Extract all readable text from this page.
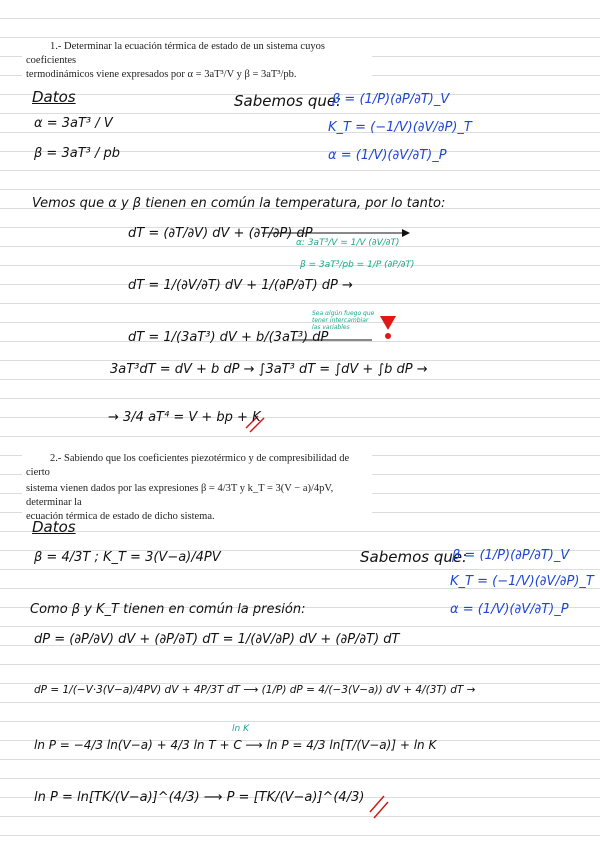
1.- Determinar la ecuación térmica de estado de un sistema cuyos coeficientes
termodinámicos viene expresados por α = 3aT³/V y β = 3aT³/pb.
Datos
α = 3aT³ / V
β = 3aT³ / pb
Sabemos que:
β = (1/P)(∂P/∂T)_V
K_T = (−1/V)(∂V/∂P)_T
α = (1/V)(∂V/∂T)_P
Vemos que α y β tienen en común la temperatura, por lo tanto:
dT = (∂T/∂V) dV + (∂T/∂P) dP
α: 3aT³/V = 1/V (∂V/∂T)
β = 3aT³/pb = 1/P (∂P/∂T)
dT = 1/(∂V/∂T) dV + 1/(∂P/∂T) dP →
Sea αlgún fuego que tener intercambiar las variables
dT = 1/(3aT³) dV + b/(3aT³) dP
3aT³dT = dV + b dP → ∫3aT³ dT = ∫dV + ∫b dP →
→ 3/4 aT⁴ = V + bp + K
2.- Sabiendo que los coeficientes piezotérmico y de compresibilidad de cierto
sistema vienen dados por las expresiones β = 4/3T y k_T = 3(V − a)/4pV, determinar la
ecuación térmica de estado de dicho sistema.
Datos
β = 4/3T ; K_T = 3(V−a)/4PV	Sabemos que:
β = (1/P)(∂P/∂T)_V
K_T = (−1/V)(∂V/∂P)_T
α = (1/V)(∂V/∂T)_P
Como β y K_T tienen en común la presión:
dP = (∂P/∂V) dV + (∂P/∂T) dT = 1/(∂V/∂P) dV + (∂P/∂T) dT
dP = 1/(−V·3(V−a)/4PV) dV + 4P/3T dT ⟶ (1/P) dP = 4/(−3(V−a)) dV + 4/(3T) dT →
ln K
ln P = −4/3 ln(V−a) + 4/3 ln T + C ⟶ ln P = 4/3 ln[T/(V−a)] + ln K
ln P = ln[TK/(V−a)]^(4/3) ⟶ P = [TK/(V−a)]^(4/3)
